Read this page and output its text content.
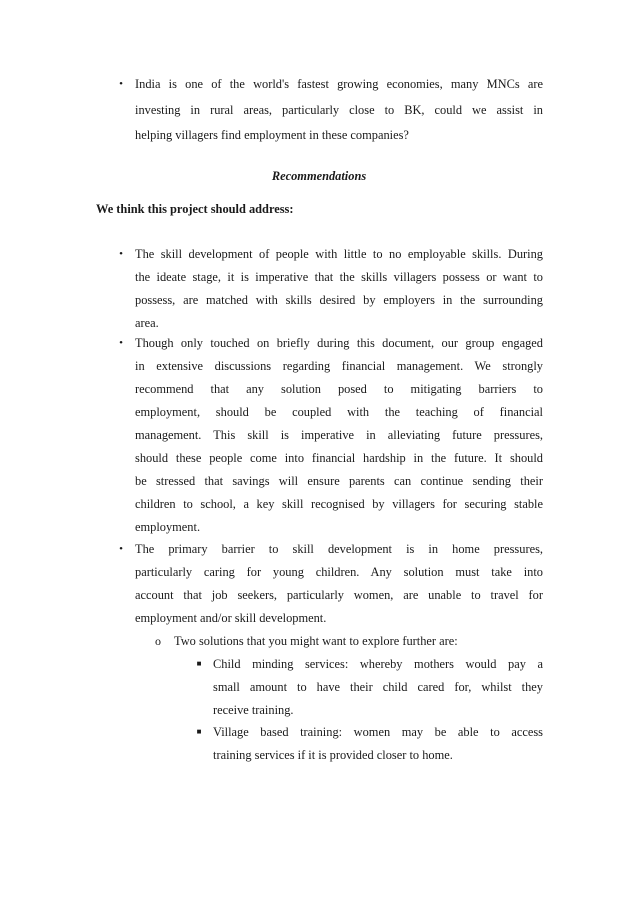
• India is one of the world's fastest growing economies, many MNCs are
investing in rural areas, particularly close to BK, could we assist in
helping villagers find employment in these companies?
Recommendations
We think this project should address:
• The skill development of people with little to no employable skills. During
the ideate stage, it is imperative that the skills villagers possess or want to
possess, are matched with skills desired by employers in the surrounding
area.
• Though only touched on briefly during this document, our group engaged
in extensive discussions regarding financial management. We strongly
recommend that any solution posed to mitigating barriers to
employment, should be coupled with the teaching of financial
management. This skill is imperative in alleviating future pressures,
should these people come into financial hardship in the future. It should
be stressed that savings will ensure parents can continue sending their
children to school, a key skill recognised by villagers for securing stable
employment.
• The primary barrier to skill development is in home pressures,
particularly caring for young children. Any solution must take into
account that job seekers, particularly women, are unable to travel for
employment and/or skill development.
o Two solutions that you might want to explore further are:
■ Child minding services: whereby mothers would pay a
small amount to have their child cared for, whilst they
receive training.
■ Village based training: women may be able to access
training services if it is provided closer to home.
